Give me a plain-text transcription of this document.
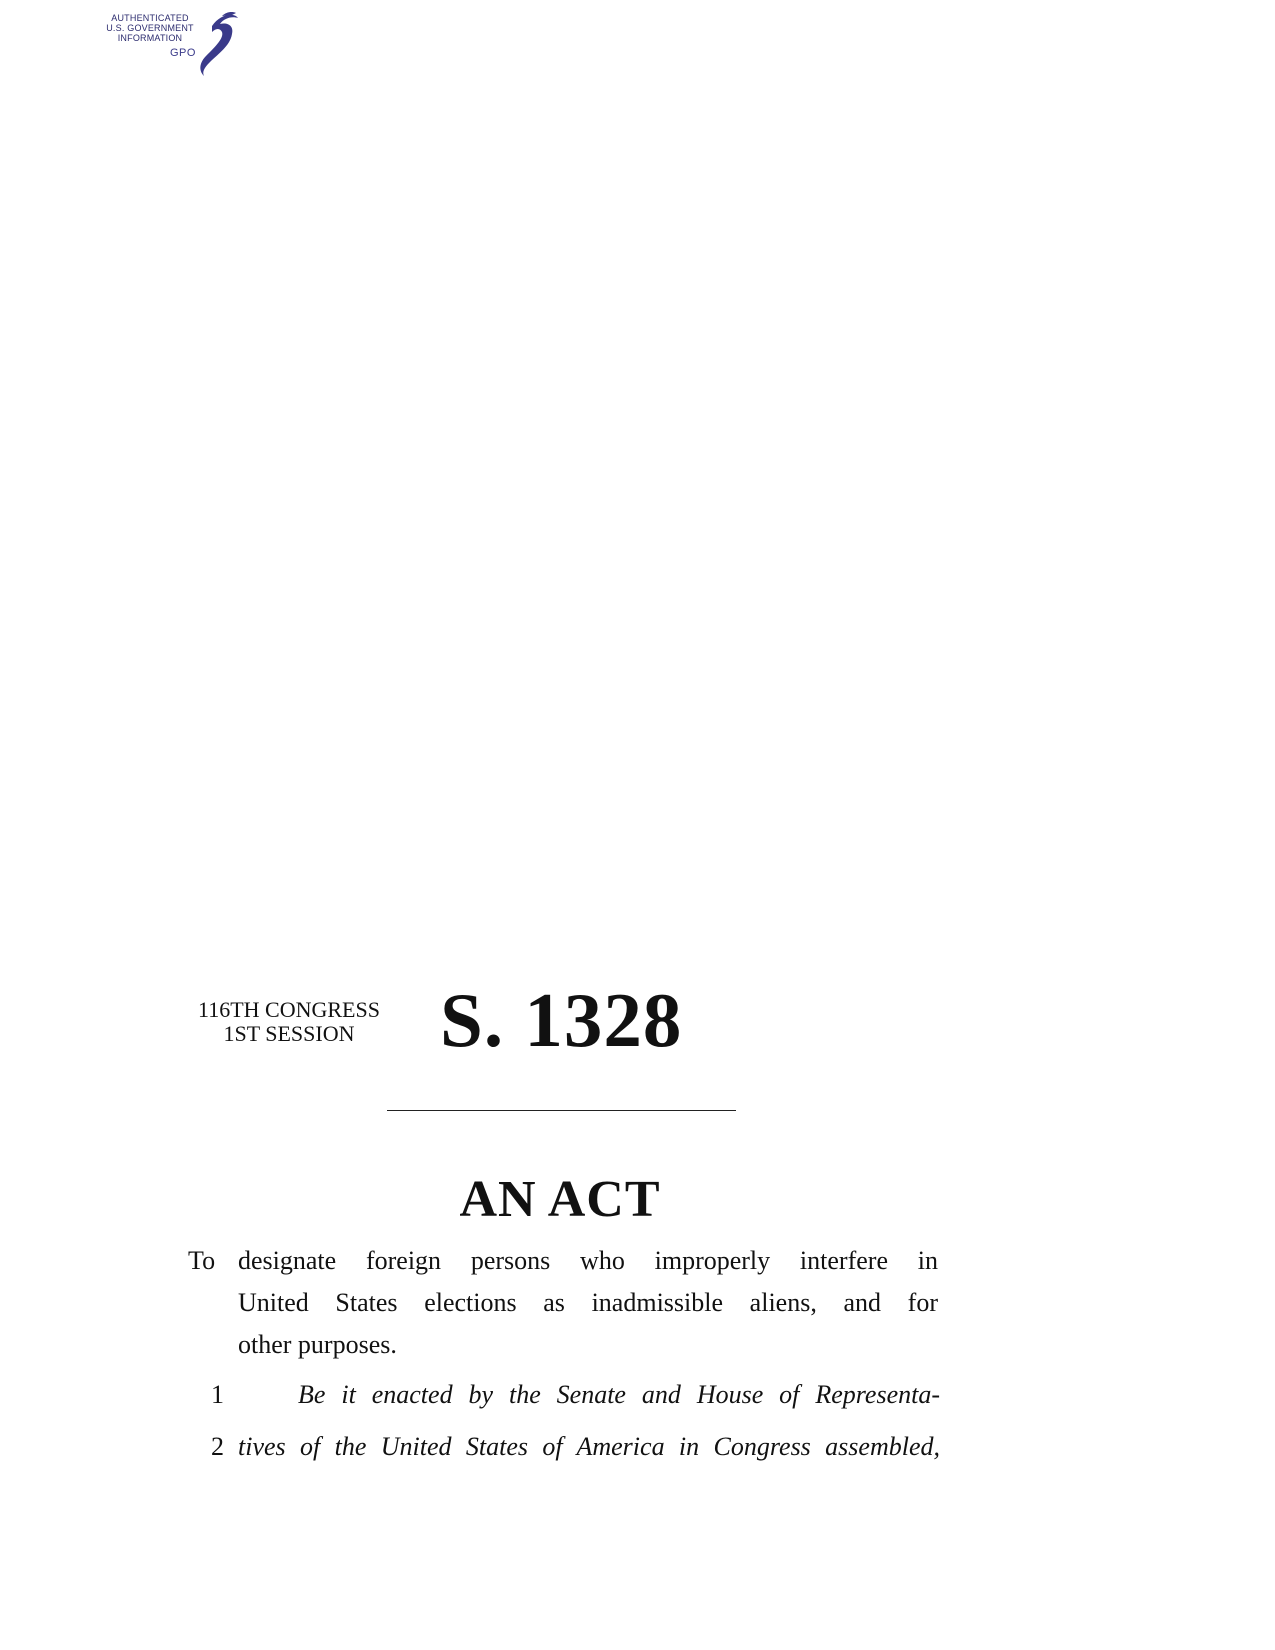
AUTHENTICATED
U.S. GOVERNMENT
INFORMATION
GPO
116TH CONGRESS
1ST SESSION	S. 1328
AN ACT
To designate foreign persons who improperly interfere in
United States elections as inadmissible aliens, and for
other purposes.
1	Be it enacted by the Senate and House of Representa-
2 tives of the United States of America in Congress assembled,
